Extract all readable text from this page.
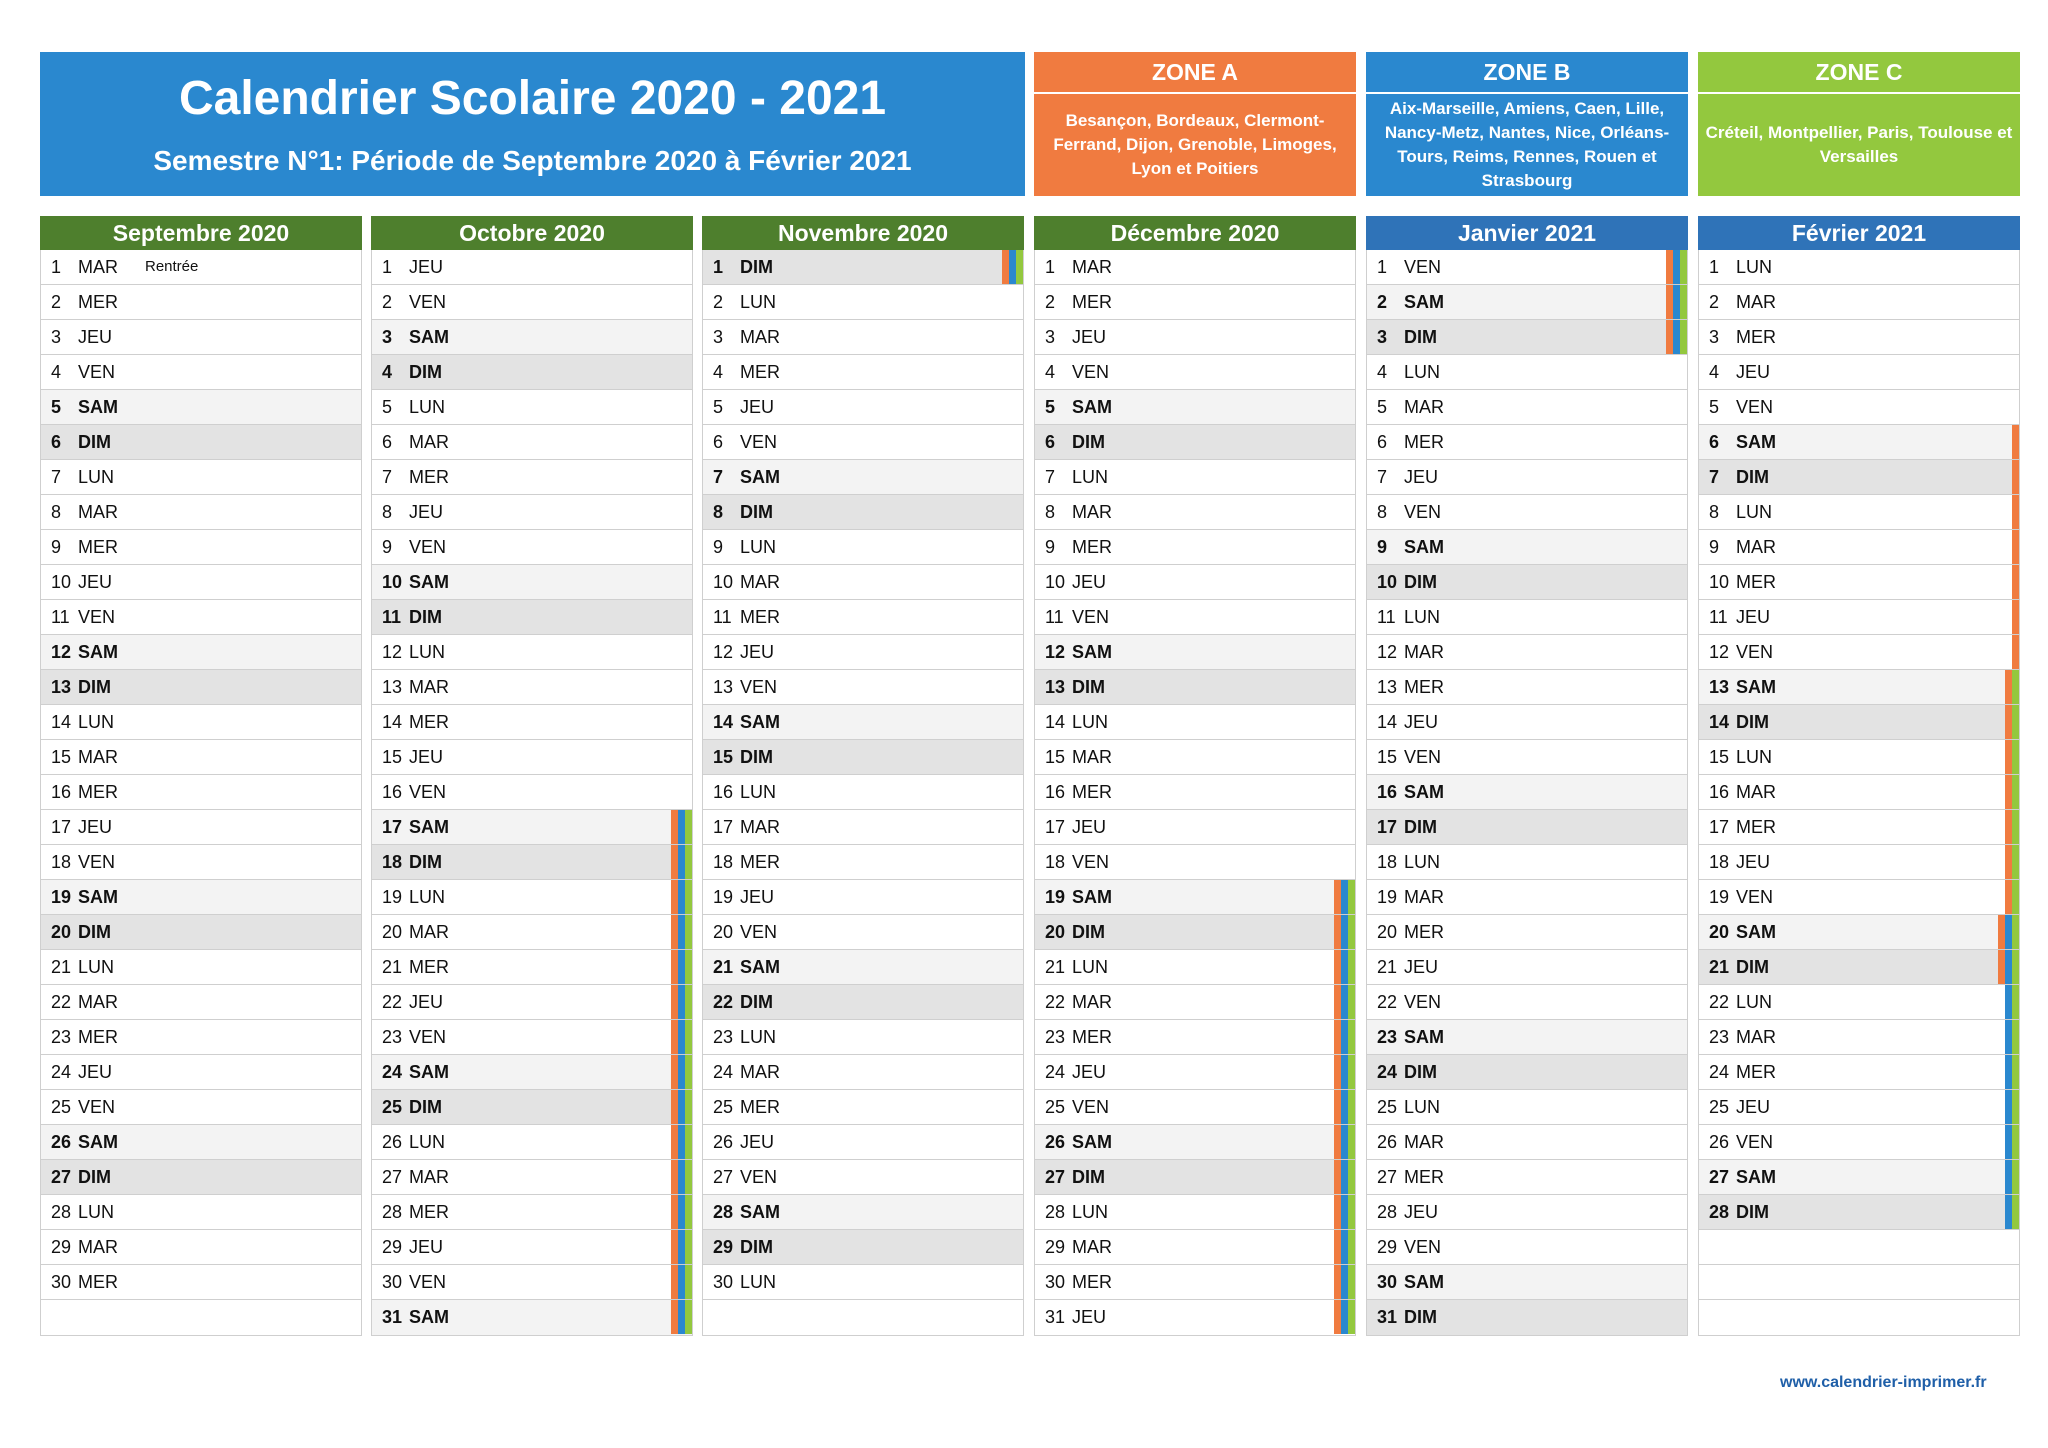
Calendrier Scolaire 2020 - 2021
Semestre N°1: Période de Septembre 2020 à Février 2021
ZONE A
Besançon, Bordeaux, Clermont-Ferrand, Dijon, Grenoble, Limoges, Lyon et Poitiers
ZONE B
Aix-Marseille, Amiens, Caen, Lille, Nancy-Metz, Nantes, Nice, Orléans-Tours, Reims, Rennes, Rouen et Strasbourg
ZONE C
Créteil, Montpellier, Paris, Toulouse et Versailles
Septembre 2020
1 MAR Rentrée
2 MER
3 JEU
4 VEN
5 SAM
6 DIM
7 LUN
8 MAR
9 MER
10 JEU
11 VEN
12 SAM
13 DIM
14 LUN
15 MAR
16 MER
17 JEU
18 VEN
19 SAM
20 DIM
21 LUN
22 MAR
23 MER
24 JEU
25 VEN
26 SAM
27 DIM
28 LUN
29 MAR
30 MER
Octobre 2020
1 JEU
2 VEN
3 SAM
4 DIM
5 LUN
6 MAR
7 MER
8 JEU
9 VEN
10 SAM
11 DIM
12 LUN
13 MAR
14 MER
15 JEU
16 VEN
17 SAM
18 DIM
19 LUN
20 MAR
21 MER
22 JEU
23 VEN
24 SAM
25 DIM
26 LUN
27 MAR
28 MER
29 JEU
30 VEN
31 SAM
Novembre 2020
1 DIM
2 LUN
3 MAR
4 MER
5 JEU
6 VEN
7 SAM
8 DIM
9 LUN
10 MAR
11 MER
12 JEU
13 VEN
14 SAM
15 DIM
16 LUN
17 MAR
18 MER
19 JEU
20 VEN
21 SAM
22 DIM
23 LUN
24 MAR
25 MER
26 JEU
27 VEN
28 SAM
29 DIM
30 LUN
Décembre 2020
1 MAR
2 MER
3 JEU
4 VEN
5 SAM
6 DIM
7 LUN
8 MAR
9 MER
10 JEU
11 VEN
12 SAM
13 DIM
14 LUN
15 MAR
16 MER
17 JEU
18 VEN
19 SAM
20 DIM
21 LUN
22 MAR
23 MER
24 JEU
25 VEN
26 SAM
27 DIM
28 LUN
29 MAR
30 MER
31 JEU
Janvier 2021
1 VEN
2 SAM
3 DIM
4 LUN
5 MAR
6 MER
7 JEU
8 VEN
9 SAM
10 DIM
11 LUN
12 MAR
13 MER
14 JEU
15 VEN
16 SAM
17 DIM
18 LUN
19 MAR
20 MER
21 JEU
22 VEN
23 SAM
24 DIM
25 LUN
26 MAR
27 MER
28 JEU
29 VEN
30 SAM
31 DIM
Février 2021
1 LUN
2 MAR
3 MER
4 JEU
5 VEN
6 SAM
7 DIM
8 LUN
9 MAR
10 MER
11 JEU
12 VEN
13 SAM
14 DIM
15 LUN
16 MAR
17 MER
18 JEU
19 VEN
20 SAM
21 DIM
22 LUN
23 MAR
24 MER
25 JEU
26 VEN
27 SAM
28 DIM
www.calendrier-imprimer.fr
